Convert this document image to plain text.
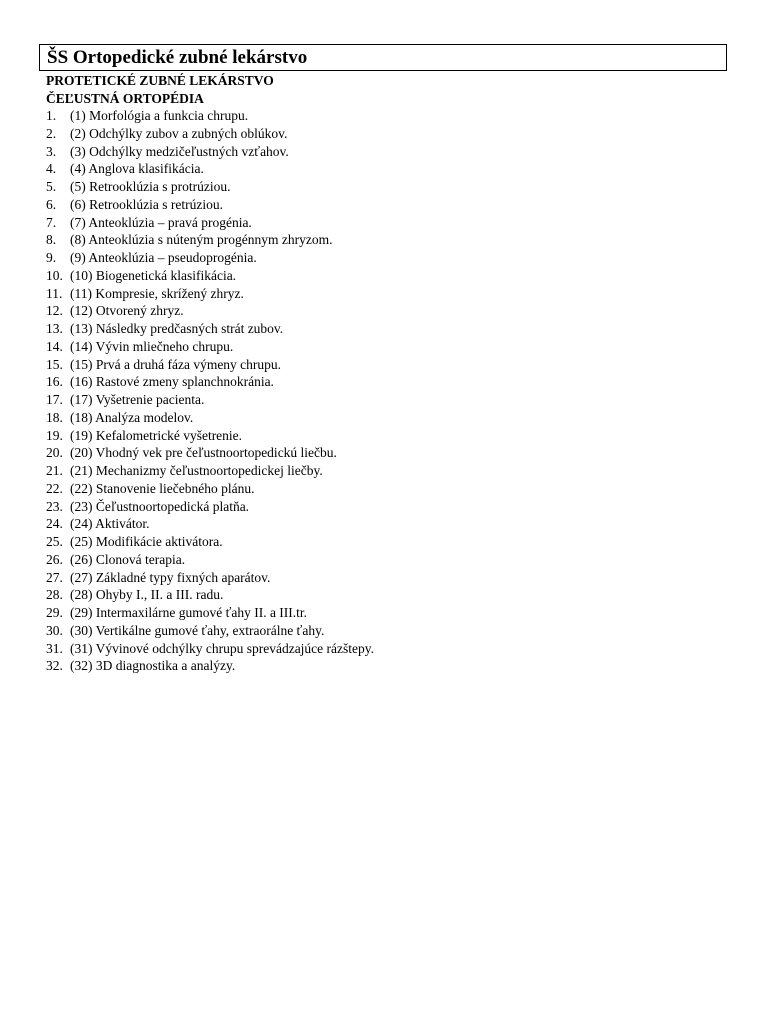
ŠS Ortopedické zubné lekárstvo
PROTETICKÉ ZUBNÉ LEKÁRSTVO
ČEĽUSTNÁ ORTOPÉDIA
1. (1) Morfológia a funkcia chrupu.
2. (2) Odchýlky zubov a zubných oblúkov.
3. (3) Odchýlky medzičeľustných vzťahov.
4. (4) Anglova klasifikácia.
5. (5) Retrooklúzia s protrúziou.
6. (6) Retrooklúzia s retrúziou.
7. (7) Anteoklúzia – pravá progénia.
8. (8) Anteoklúzia s núteným progénnym zhryzom.
9. (9) Anteoklúzia – pseudoprogénia.
10. (10) Biogenetická klasifikácia.
11. (11) Kompresie, skrížený zhryz.
12. (12) Otvorený zhryz.
13. (13) Následky predčasných strát zubov.
14. (14) Vývin mliečneho chrupu.
15. (15) Prvá a druhá fáza výmeny chrupu.
16. (16) Rastové zmeny splanchnokránia.
17. (17) Vyšetrenie pacienta.
18. (18) Analýza modelov.
19. (19) Kefalometrické vyšetrenie.
20. (20) Vhodný vek pre čeľustnoortopedickú liečbu.
21. (21) Mechanizmy čeľustnoortopedickej liečby.
22. (22) Stanovenie liečebného plánu.
23. (23) Čeľustnoortopedická platňa.
24. (24) Aktivátor.
25. (25) Modifikácie aktivátora.
26. (26) Clonová terapia.
27. (27) Základné typy fixných aparátov.
28. (28) Ohyby I., II. a III. radu.
29. (29) Intermaxilárne gumové ťahy II. a III.tr.
30. (30) Vertikálne gumové ťahy, extraorálne ťahy.
31. (31) Vývinové odchýlky chrupu sprevádzajúce rázštepy.
32. (32) 3D diagnostika a analýzy.
